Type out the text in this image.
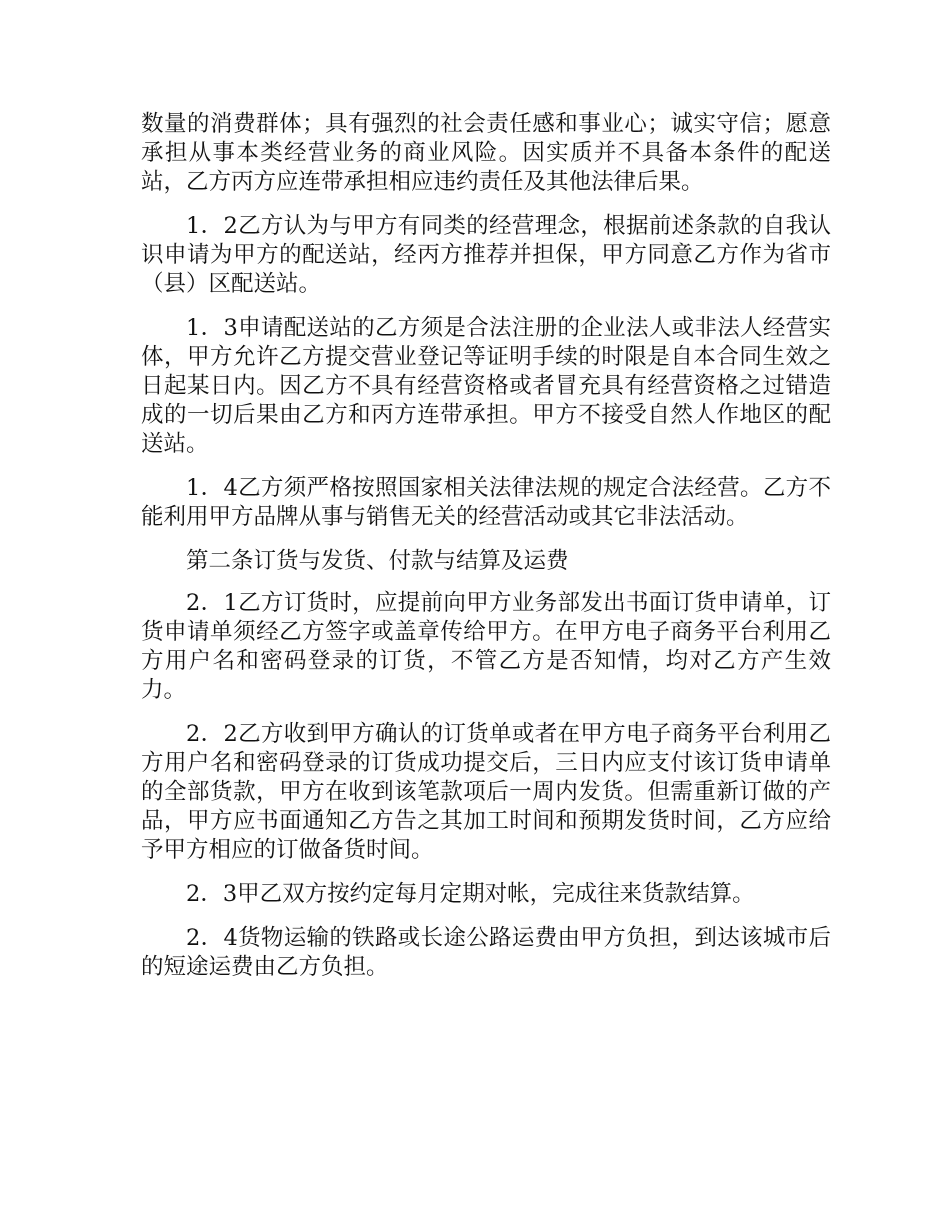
数量的消费群体；具有强烈的社会责任感和事业心；诚实守信；愿意承担从事本类经营业务的商业风险。因实质并不具备本条件的配送站，乙方丙方应连带承担相应违约责任及其他法律后果。

1．2乙方认为与甲方有同类的经营理念，根据前述条款的自我认识申请为甲方的配送站，经丙方推荐并担保，甲方同意乙方作为省市（县）区配送站。

1．3申请配送站的乙方须是合法注册的企业法人或非法人经营实体，甲方允许乙方提交营业登记等证明手续的时限是自本合同生效之日起某日内。因乙方不具有经营资格或者冒充具有经营资格之过错造成的一切后果由乙方和丙方连带承担。甲方不接受自然人作地区的配送站。

1．4乙方须严格按照国家相关法律法规的规定合法经营。乙方不能利用甲方品牌从事与销售无关的经营活动或其它非法活动。

第二条订货与发货、付款与结算及运费

2．1乙方订货时，应提前向甲方业务部发出书面订货申请单，订货申请单须经乙方签字或盖章传给甲方。在甲方电子商务平台利用乙方用户名和密码登录的订货，不管乙方是否知情，均对乙方产生效力。

2．2乙方收到甲方确认的订货单或者在甲方电子商务平台利用乙方用户名和密码登录的订货成功提交后，三日内应支付该订货申请单的全部货款，甲方在收到该笔款项后一周内发货。但需重新订做的产品，甲方应书面通知乙方告之其加工时间和预期发货时间，乙方应给予甲方相应的订做备货时间。

2．3甲乙双方按约定每月定期对帐，完成往来货款结算。

2．4货物运输的铁路或长途公路运费由甲方负担，到达该城市后的短途运费由乙方负担。
